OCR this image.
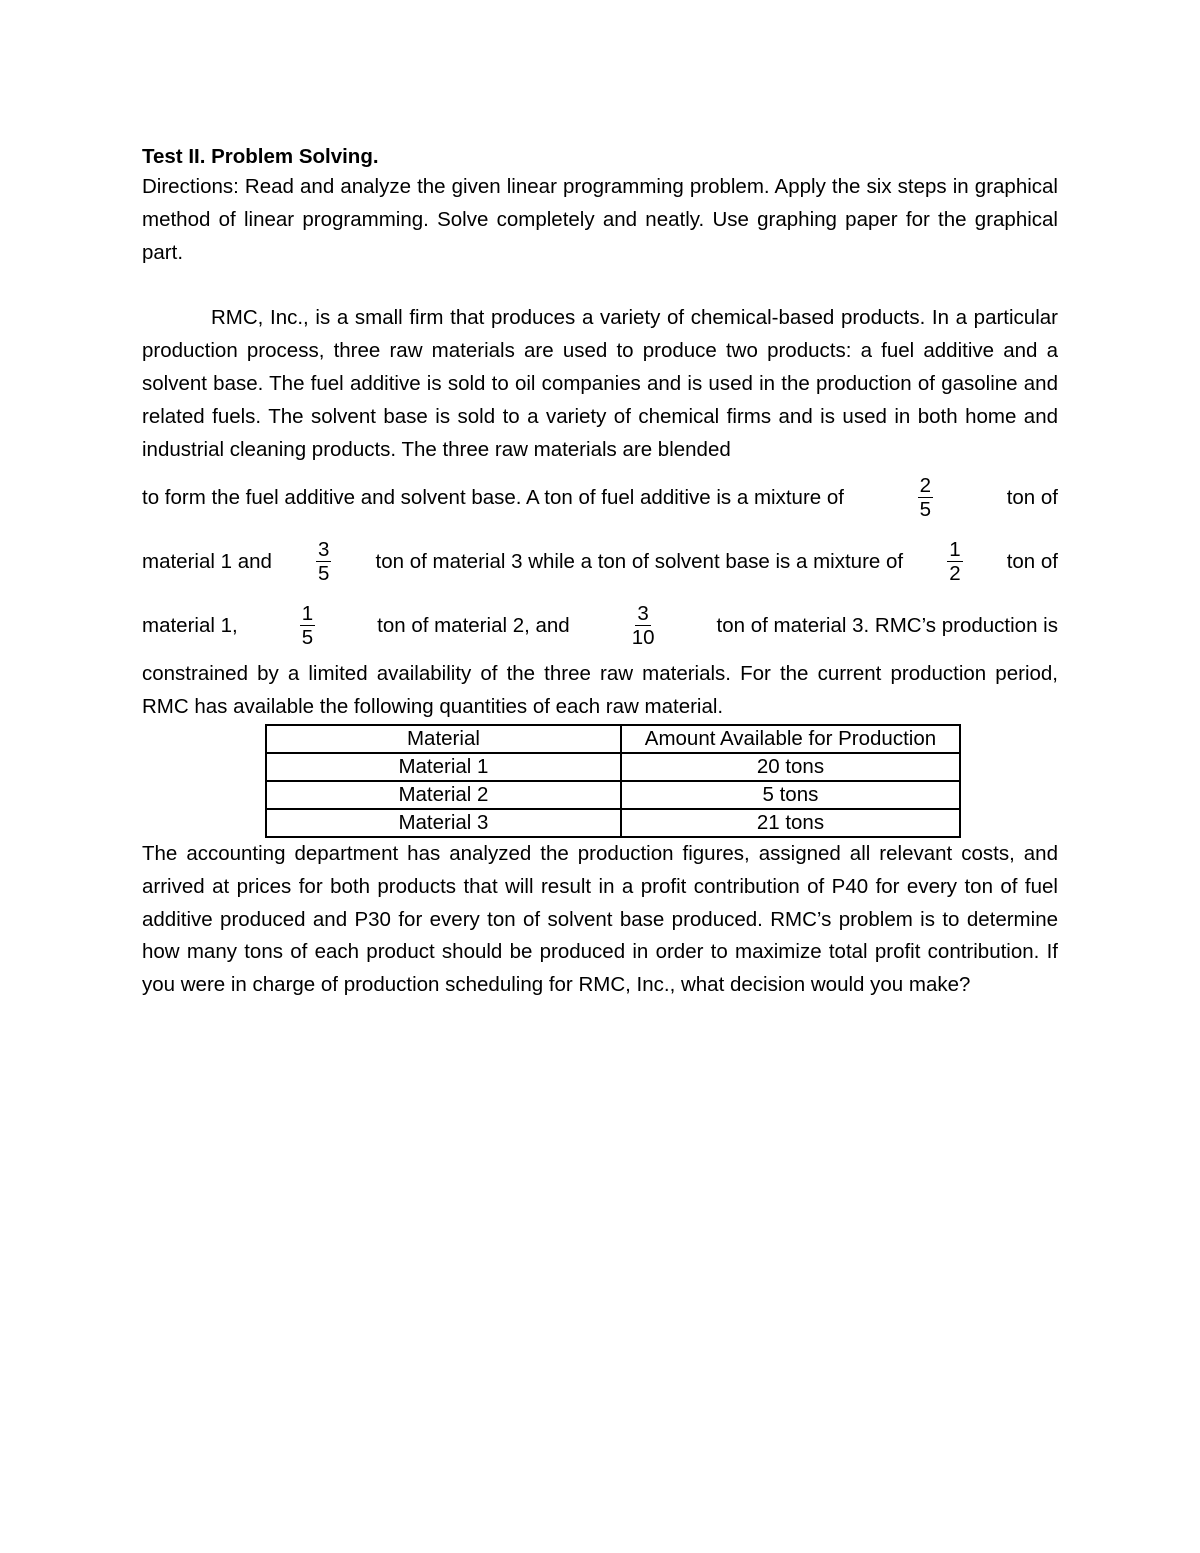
Test II. Problem Solving.

Directions: Read and analyze the given linear programming problem. Apply the six steps in graphical method of linear programming. Solve completely and neatly. Use graphing paper for the graphical part.

RMC, Inc., is a small firm that produces a variety of chemical-based products. In a particular production process, three raw materials are used to produce two products: a fuel additive and a solvent base. The fuel additive is sold to oil companies and is used in the production of gasoline and related fuels. The solvent base is sold to a variety of chemical firms and is used in both home and industrial cleaning products. The three raw materials are blended

to form the fuel additive and solvent base. A ton of fuel additive is a mixture of	$\frac{2}{5}$	ton of
material 1 and $\frac{3}{5}$ ton of material 3 while a ton of solvent base is a mixture of $\frac{1}{2}$ ton of
material 1,	$\frac{1}{5}$	ton of material 2, and	$\frac{3}{10}$	ton of material 3. RMC’s production is

constrained by a limited availability of the three raw materials. For the current production period, RMC has available the following quantities of each raw material.

Material	Amount Available for Production
Material 1	20 tons
Material 2	5 tons
Material 3	21 tons

The accounting department has analyzed the production figures, assigned all relevant costs, and arrived at prices for both products that will result in a profit contribution of P40 for every ton of fuel additive produced and P30 for every ton of solvent base produced. RMC’s problem is to determine how many tons of each product should be produced in order to maximize total profit contribution. If you were in charge of production scheduling for RMC, Inc., what decision would you make?
